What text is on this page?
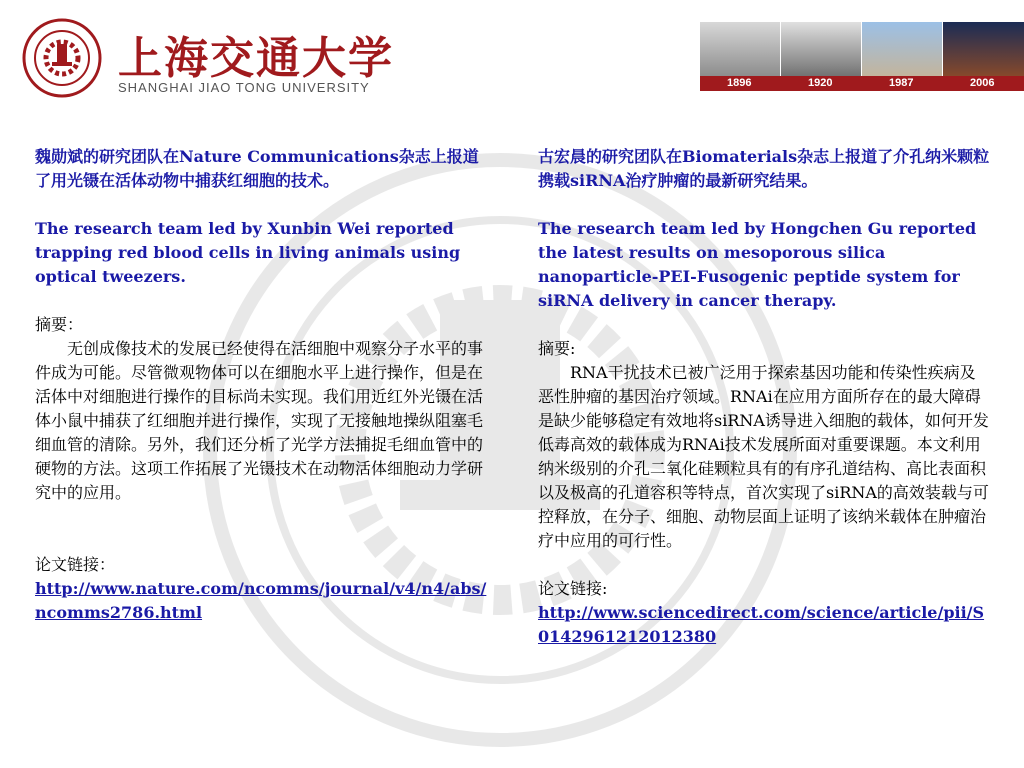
上海交通大学
SHANGHAI JIAO TONG UNIVERSITY	1896	1920	1987	2006

魏勋斌的研究团队在Nature Communications杂志上报道了用光镊在活体动物中捕获红细胞的技术。

The research team led by Xunbin Wei reported trapping red blood cells in living animals using optical tweezers.

摘要：

无创成像技术的发展已经使得在活细胞中观察分子水平的事件成为可能。尽管微观物体可以在细胞水平上进行操作，但是在活体中对细胞进行操作的目标尚未实现。我们用近红外光镊在活体小鼠中捕获了红细胞并进行操作，实现了无接触地操纵阻塞毛细血管的清除。另外，我们还分析了光学方法捕捉毛细血管中的硬物的方法。这项工作拓展了光镊技术在动物活体细胞动力学研究中的应用。

论文链接：

http://www.nature.com/ncomms/journal/v4/n4/abs/ncomms2786.html

古宏晨的研究团队在Biomaterials杂志上报道了介孔纳米颗粒携载siRNA治疗肿瘤的最新研究结果。

The research team led by Hongchen Gu reported the latest results on mesoporous silica nanoparticle-PEI-Fusogenic peptide system for siRNA delivery in cancer therapy.

摘要:

RNA干扰技术已被广泛用于探索基因功能和传染性疾病及恶性肿瘤的基因治疗领域。RNAi在应用方面所存在的最大障碍是缺少能够稳定有效地将siRNA诱导进入细胞的载体，如何开发低毒高效的载体成为RNAi技术发展所面对重要课题。本文利用纳米级别的介孔二氧化硅颗粒具有的有序孔道结构、高比表面积以及极高的孔道容积等特点，首次实现了siRNA的高效装载与可控释放，在分子、细胞、动物层面上证明了该纳米载体在肿瘤治疗中应用的可行性。

论文链接:

http://www.sciencedirect.com/science/article/pii/S0142961212012380
